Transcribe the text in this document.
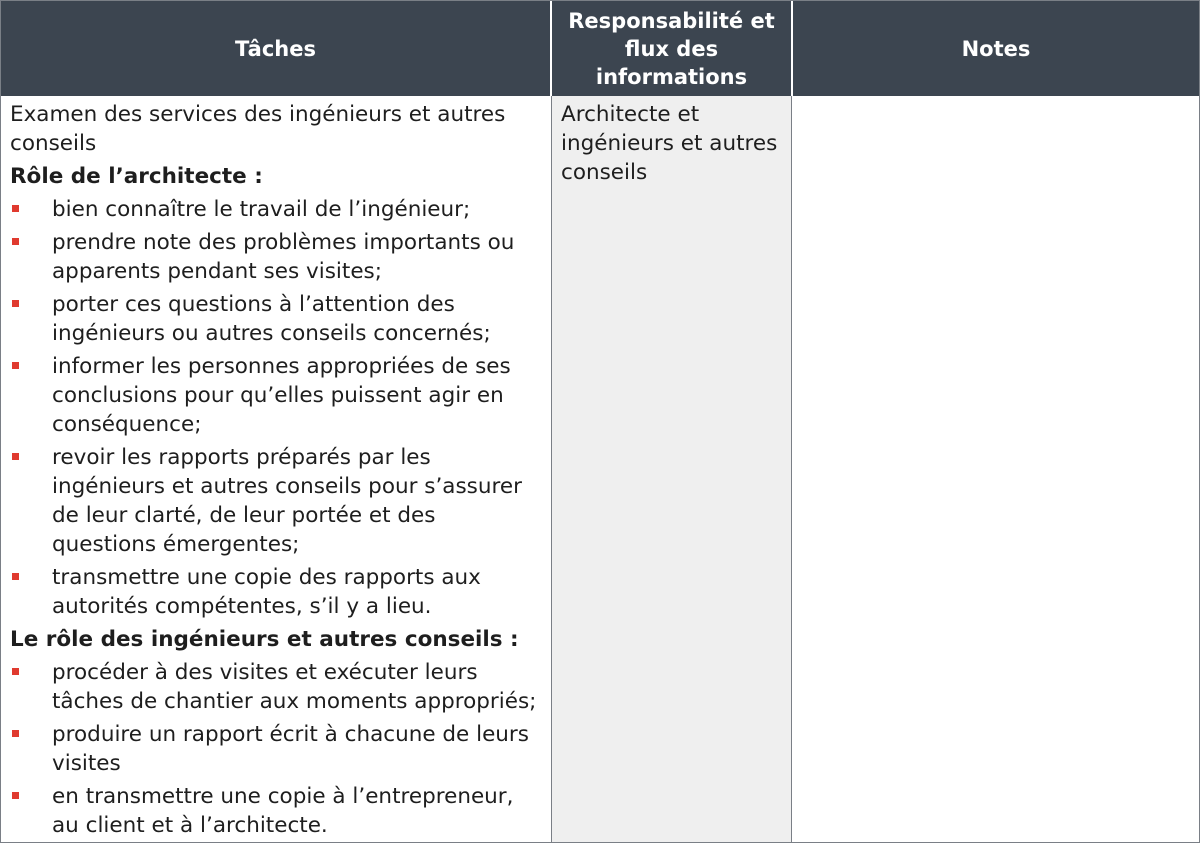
Tâches
Responsabilité et flux des informations
Notes

Examen des services des ingénieurs et autres conseils

Rôle de l’architecte :

bien connaître le travail de l’ingénieur;
prendre note des problèmes importants ou apparents pendant ses visites;
porter ces questions à l’attention des ingénieurs ou autres conseils concernés;
informer les personnes appropriées de ses conclusions pour qu’elles puissent agir en conséquence;
revoir les rapports préparés par les ingénieurs et autres conseils pour s’assurer de leur clarté, de leur portée et des questions émergentes;
transmettre une copie des rapports aux autorités compétentes, s’il y a lieu.

Le rôle des ingénieurs et autres conseils :

procéder à des visites et exécuter leurs tâches de chantier aux moments appropriés;
produire un rapport écrit à chacune de leurs visites
en transmettre une copie à l’entrepreneur, au client et à l’architecte.

Architecte et ingénieurs et autres conseils
